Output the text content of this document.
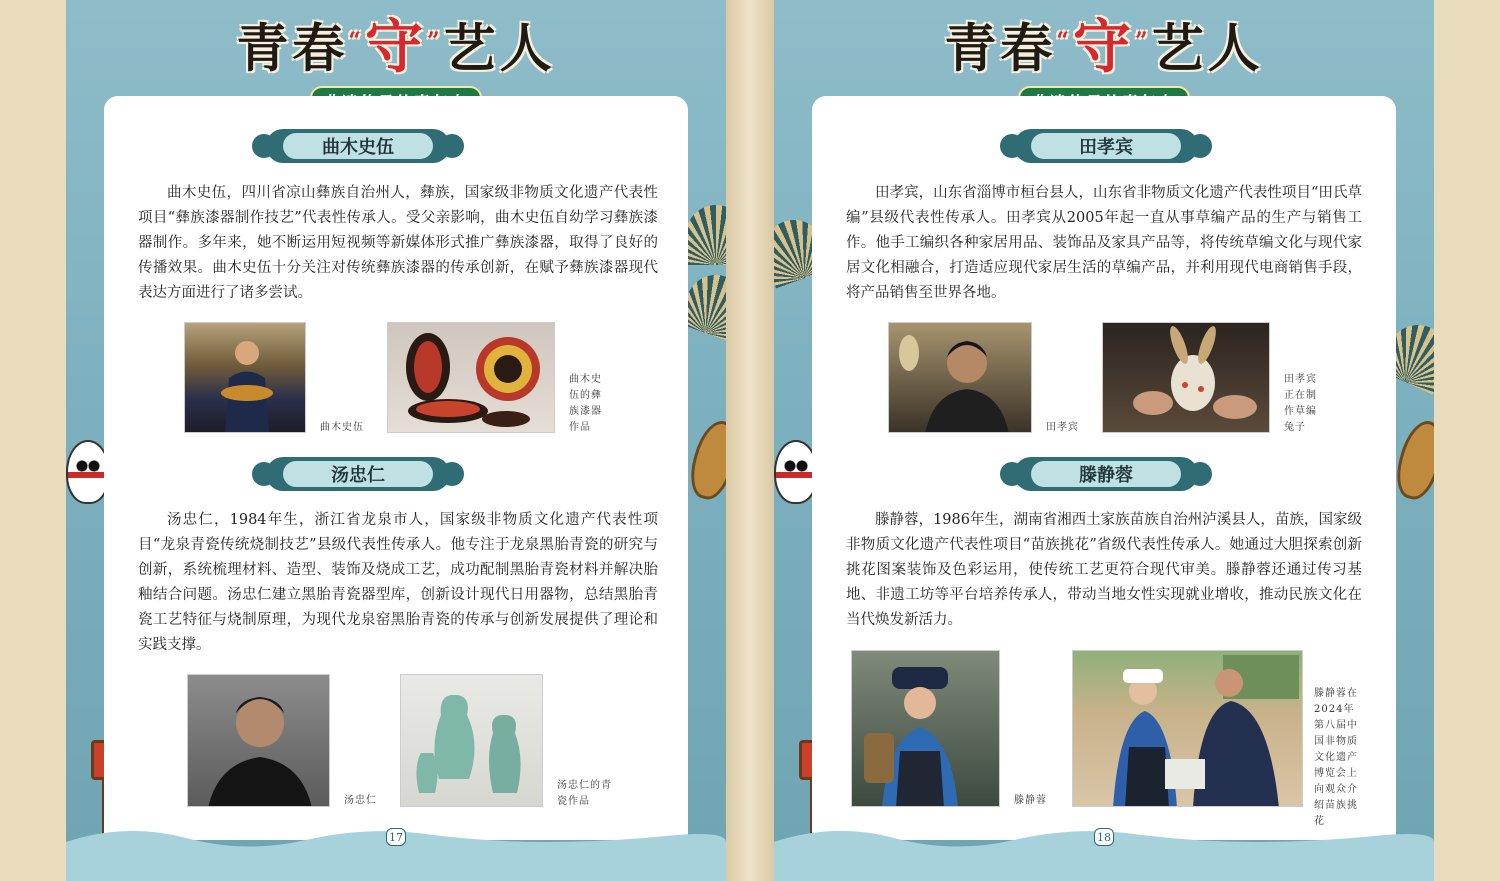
青春“守”艺人
曲木史伍
曲木史伍，四川省凉山彝族自治州人，彝族，国家级非物质文化遗产代表性项目“彝族漆器制作技艺”代表性传承人。受父亲影响，曲木史伍自幼学习彝族漆器制作。多年来，她不断运用短视频等新媒体形式推广彝族漆器，取得了良好的传播效果。曲木史伍十分关注对传统彝族漆器的传承创新，在赋予彝族漆器现代表达方面进行了诸多尝试。
曲木史伍
曲木史伍的彝族漆器作品
汤忠仁
汤忠仁，1984年生，浙江省龙泉市人，国家级非物质文化遗产代表性项目“龙泉青瓷传统烧制技艺”县级代表性传承人。他专注于龙泉黑胎青瓷的研究与创新，系统梳理材料、造型、装饰及烧成工艺，成功配制黑胎青瓷材料并解决胎釉结合问题。汤忠仁建立黑胎青瓷器型库，创新设计现代日用器物，总结黑胎青瓷工艺特征与烧制原理，为现代龙泉窑黑胎青瓷的传承与创新发展提供了理论和实践支撑。
汤忠仁
汤忠仁的青瓷作品
17
青春“守”艺人
田孝宾
田孝宾，山东省淄博市桓台县人，山东省非物质文化遗产代表性项目“田氏草编”县级代表性传承人。田孝宾从2005年起一直从事草编产品的生产与销售工作。他手工编织各种家居用品、装饰品及家具产品等，将传统草编文化与现代家居文化相融合，打造适应现代家居生活的草编产品，并利用现代电商销售手段，将产品销售至世界各地。
田孝宾
田孝宾正在制作草编兔子
滕静蓉
滕静蓉，1986年生，湖南省湘西土家族苗族自治州泸溪县人，苗族，国家级非物质文化遗产代表性项目“苗族挑花”省级代表性传承人。她通过大胆探索创新挑花图案装饰及色彩运用，使传统工艺更符合现代审美。滕静蓉还通过传习基地、非遗工坊等平台培养传承人，带动当地女性实现就业增收，推动民族文化在当代焕发新活力。
滕静蓉
滕静蓉在2024年第八届中国非物质文化遗产博览会上向观众介绍苗族挑花
18
